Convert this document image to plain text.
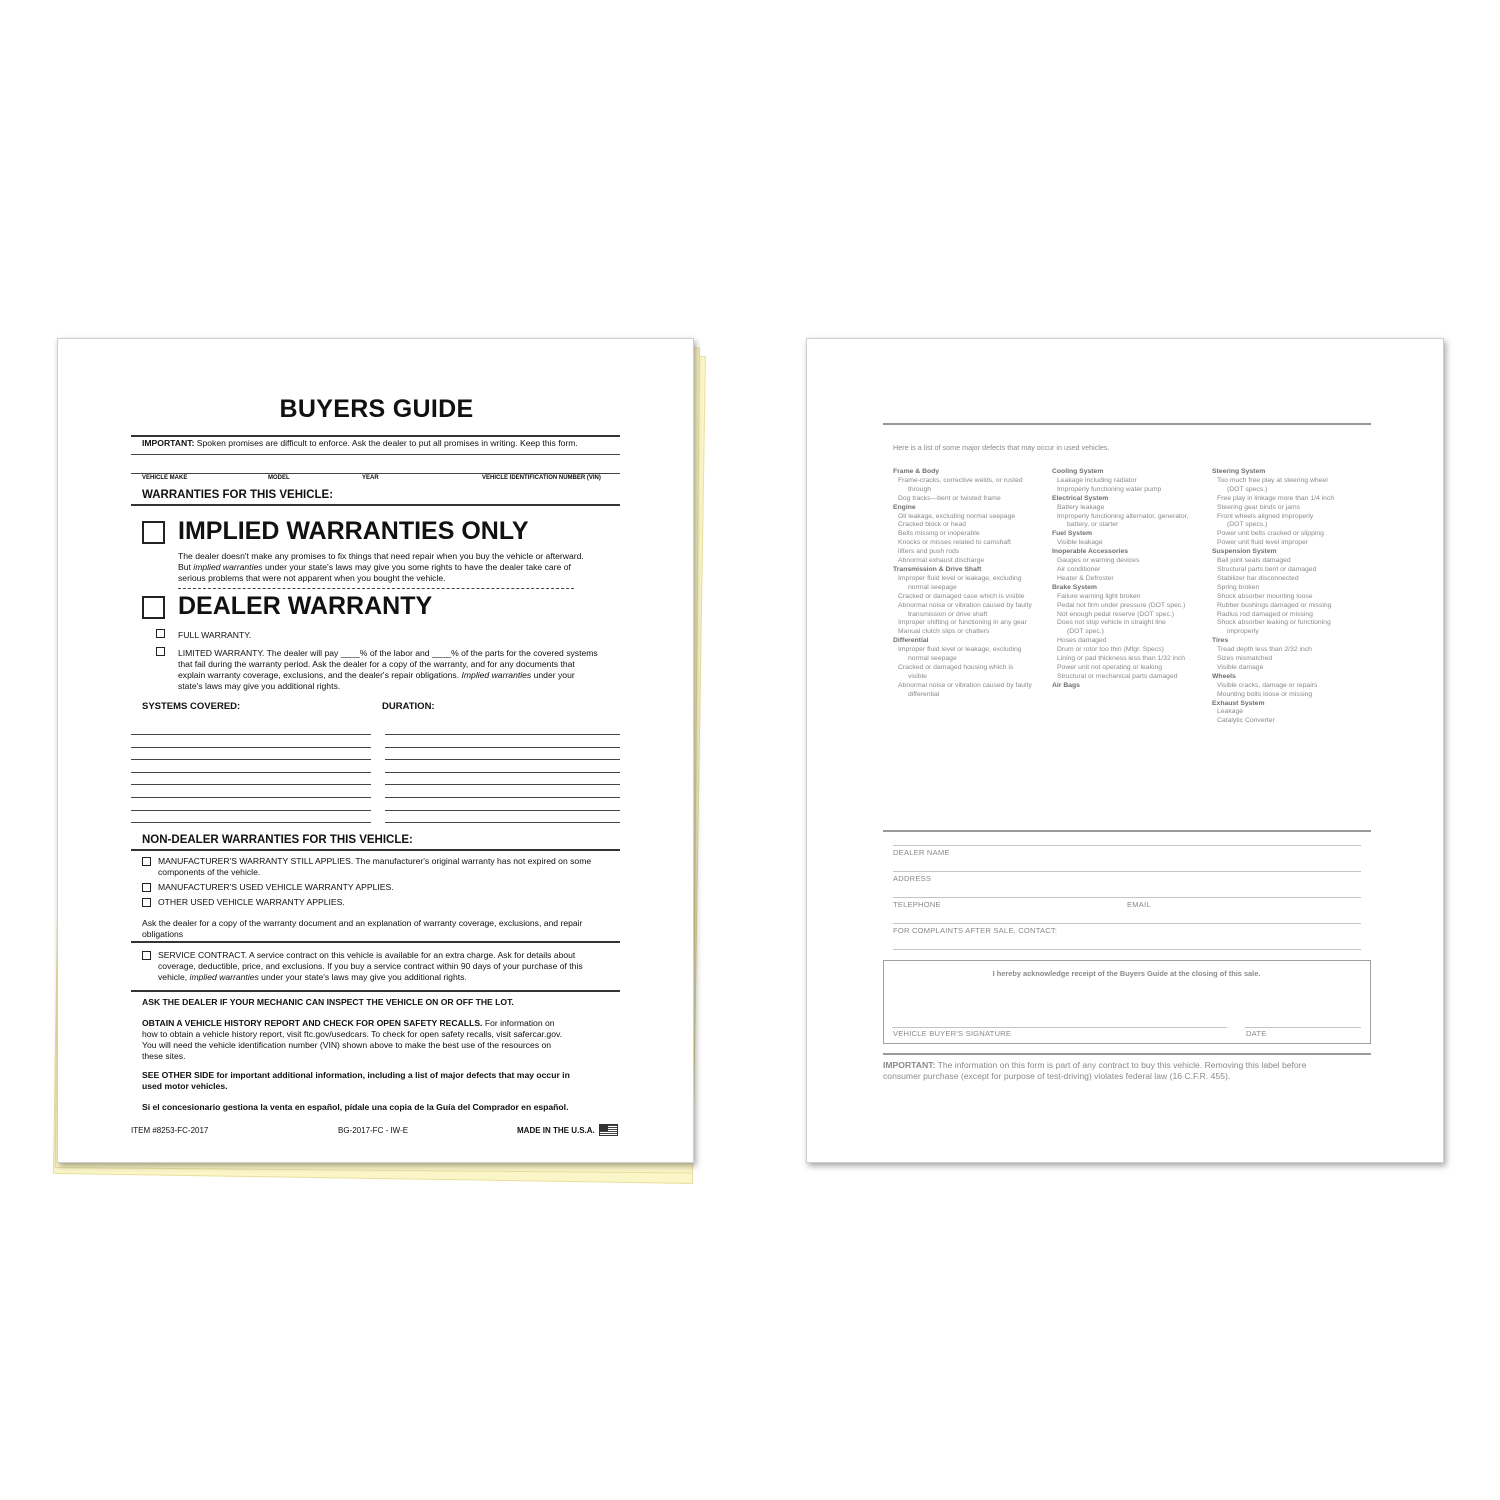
BUYERS GUIDE
IMPORTANT: Spoken promises are difficult to enforce. Ask the dealer to put all promises in writing. Keep this form.
VEHICLE MAKE	MODEL	YEAR	VEHICLE IDENTIFICATION NUMBER (VIN)
WARRANTIES FOR THIS VEHICLE:
IMPLIED WARRANTIES ONLY
The dealer doesn't make any promises to fix things that need repair when you buy the vehicle or afterward.
But implied warranties under your state's laws may give you some rights to have the dealer take care of
serious problems that were not apparent when you bought the vehicle.
DEALER WARRANTY
FULL WARRANTY.
LIMITED WARRANTY. The dealer will pay ____% of the labor and ____% of the parts for the covered systems
that fail during the warranty period. Ask the dealer for a copy of the warranty, and for any documents that
explain warranty coverage, exclusions, and the dealer's repair obligations. Implied warranties under your
state's laws may give you additional rights.
SYSTEMS COVERED:	DURATION:
NON-DEALER WARRANTIES FOR THIS VEHICLE:
MANUFACTURER'S WARRANTY STILL APPLIES. The manufacturer's original warranty has not expired on some
components of the vehicle.
MANUFACTURER'S USED VEHICLE WARRANTY APPLIES.
OTHER USED VEHICLE WARRANTY APPLIES.
Ask the dealer for a copy of the warranty document and an explanation of warranty coverage, exclusions, and repair
obligations
SERVICE CONTRACT. A service contract on this vehicle is available for an extra charge. Ask for details about
coverage, deductible, price, and exclusions. If you buy a service contract within 90 days of your purchase of this
vehicle, implied warranties under your state's laws may give you additional rights.
ASK THE DEALER IF YOUR MECHANIC CAN INSPECT THE VEHICLE ON OR OFF THE LOT.
OBTAIN A VEHICLE HISTORY REPORT AND CHECK FOR OPEN SAFETY RECALLS. For information on
how to obtain a vehicle history report, visit ftc.gov/usedcars. To check for open safety recalls, visit safercar.gov.
You will need the vehicle identification number (VIN) shown above to make the best use of the resources on
these sites.
SEE OTHER SIDE for important additional information, including a list of major defects that may occur in
used motor vehicles.
Si el concesionario gestiona la venta en español, pídale una copia de la Guía del Comprador en español.
ITEM #8253-FC-2017	BG-2017-FC - IW-E	MADE IN THE U.S.A.
Here is a list of some major defects that may occur in used vehicles.
Frame & Body
Frame-cracks, corrective welds, or rusted
through
Dog tracks—bent or twisted frame
Engine
Oil leakage, excluding normal seepage
Cracked block or head
Belts missing or inoperable
Knocks or misses related to camshaft
lifters and push rods
Abnormal exhaust discharge
Transmission & Drive Shaft
Improper fluid level or leakage, excluding
normal seepage
Cracked or damaged case which is visible
Abnormal noise or vibration caused by faulty
transmission or drive shaft
Improper shifting or functioning in any gear
Manual clutch slips or chatters
Differential
Improper fluid level or leakage, excluding
normal seepage
Cracked or damaged housing which is
visible
Abnormal noise or vibration caused by faulty
differential
Cooling System
Leakage including radiator
Improperly functioning water pump
Electrical System
Battery leakage
Improperly functioning alternator, generator,
battery, or starter
Fuel System
Visible leakage
Inoperable Accessories
Gauges or warning devices
Air conditioner
Heater & Defroster
Brake System
Failure warning light broken
Pedal not firm under pressure (DOT spec.)
Not enough pedal reserve (DOT spec.)
Does not stop vehicle in straight line
(DOT spec.)
Hoses damaged
Drum or rotor too thin (Mfgr. Specs)
Lining or pad thickness less than 1/32 inch
Power unit not operating or leaking
Structural or mechanical parts damaged
Air Bags
Steering System
Too much free play at steering wheel
(DOT specs.)
Free play in linkage more than 1/4 inch
Steering gear binds or jams
Front wheels aligned improperly
(DOT specs.)
Power unit belts cracked or slipping
Power unit fluid level improper
Suspension System
Ball joint seals damaged
Structural parts bent or damaged
Stabilizer bar disconnected
Spring broken
Shock absorber mounting loose
Rubber bushings damaged or missing
Radius rod damaged or missing
Shock absorber leaking or functioning
improperly
Tires
Tread depth less than 2/32 inch
Sizes mismatched
Visible damage
Wheels
Visible cracks, damage or repairs
Mounting bolts loose or missing
Exhaust System
Leakage
Catalytic Converter
DEALER NAME
ADDRESS
TELEPHONE	EMAIL
FOR COMPLAINTS AFTER SALE, CONTACT:
I hereby acknowledge receipt of the Buyers Guide at the closing of this sale.
VEHICLE BUYER'S SIGNATURE	DATE
IMPORTANT: The information on this form is part of any contract to buy this vehicle. Removing this label before
consumer purchase (except for purpose of test-driving) violates federal law (16 C.F.R. 455).
